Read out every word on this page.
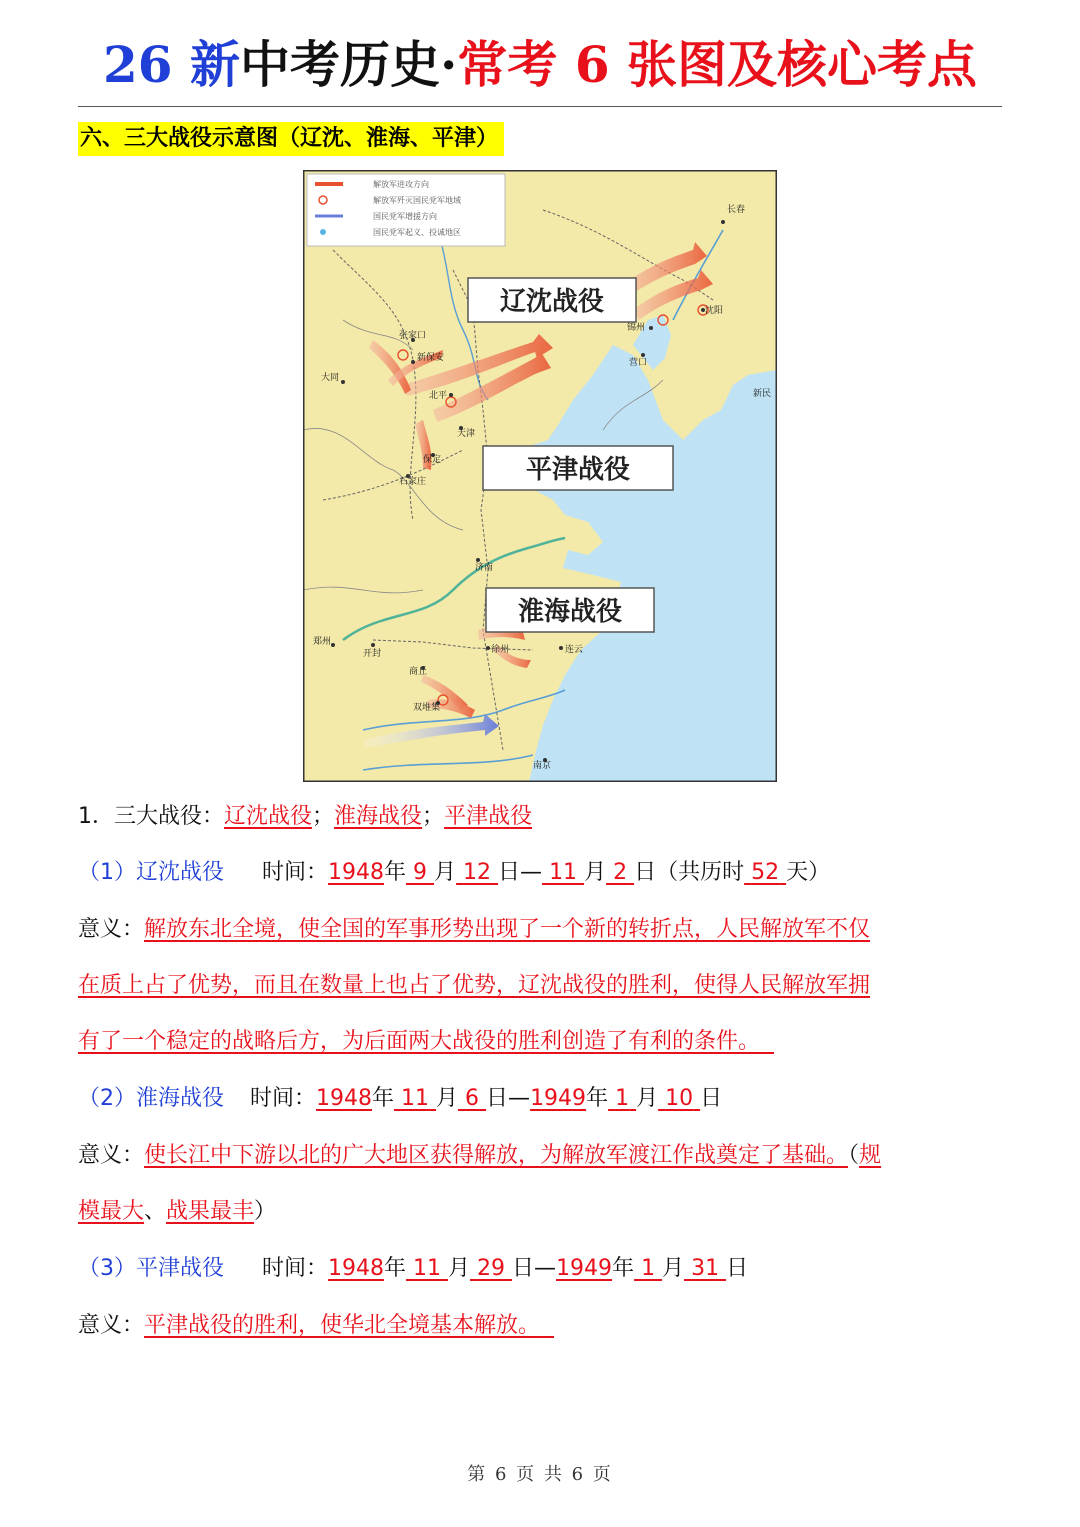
26 新中考历史·常考 6 张图及核心考点
六、三大战役示意图（辽沈、淮海、平津）
解放军进攻方向
解放军歼灭国民党军地域
国民党军增援方向
国民党军起义、投诚地区
张家口
新保安
北平
天津
保定
石家庄
大同
锦州
营口
沈阳
长春
济南
徐州
开封
郑州
商丘
连云
双堆集
南京
新民
辽沈战役
平津战役
淮海战役
1．三大战役：辽沈战役；淮海战役；平津战役
（1）辽沈战役 时间：1948年 9 月 12 日— 11 月 2 日（共历时 52 天）
意义：解放东北全境，使全国的军事形势出现了一个新的转折点，人民解放军不仅
在质上占了优势，而且在数量上也占了优势，辽沈战役的胜利，使得人民解放军拥
有了一个稳定的战略后方，为后面两大战役的胜利创造了有利的条件。
（2）淮海战役 时间：1948年 11 月 6 日—1949年 1 月 10 日
意义：使长江中下游以北的广大地区获得解放，为解放军渡江作战奠定了基础。（规
模最大、战果最丰）
（3）平津战役 时间：1948年 11 月 29 日—1949年 1 月 31 日
意义：平津战役的胜利，使华北全境基本解放。
第 6 页 共 6 页
